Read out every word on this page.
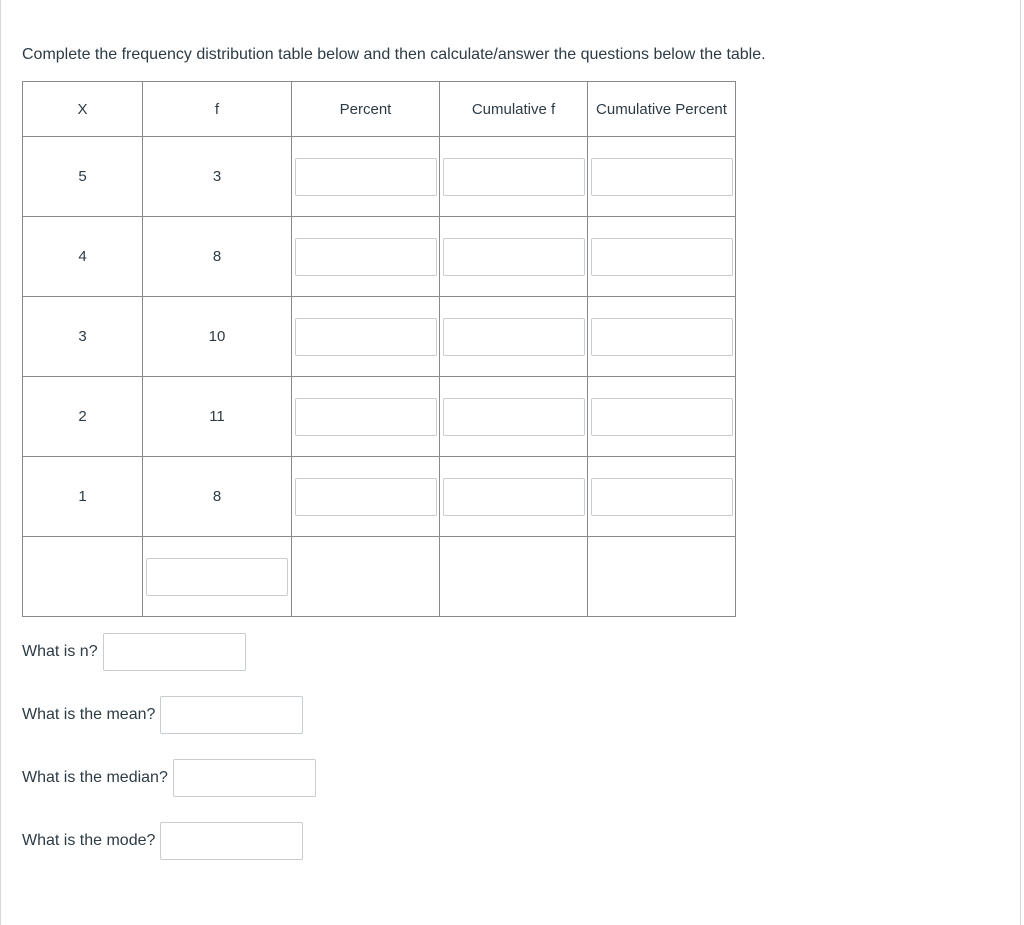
Complete the frequency distribution table below and then calculate/answer the questions below the table.
X	f	Percent	Cumulative f	Cumulative Percent
5	3	

4	8	

3	10	

2	11	

1	8	

What is n?
What is the mean?
What is the median?
What is the mode?
